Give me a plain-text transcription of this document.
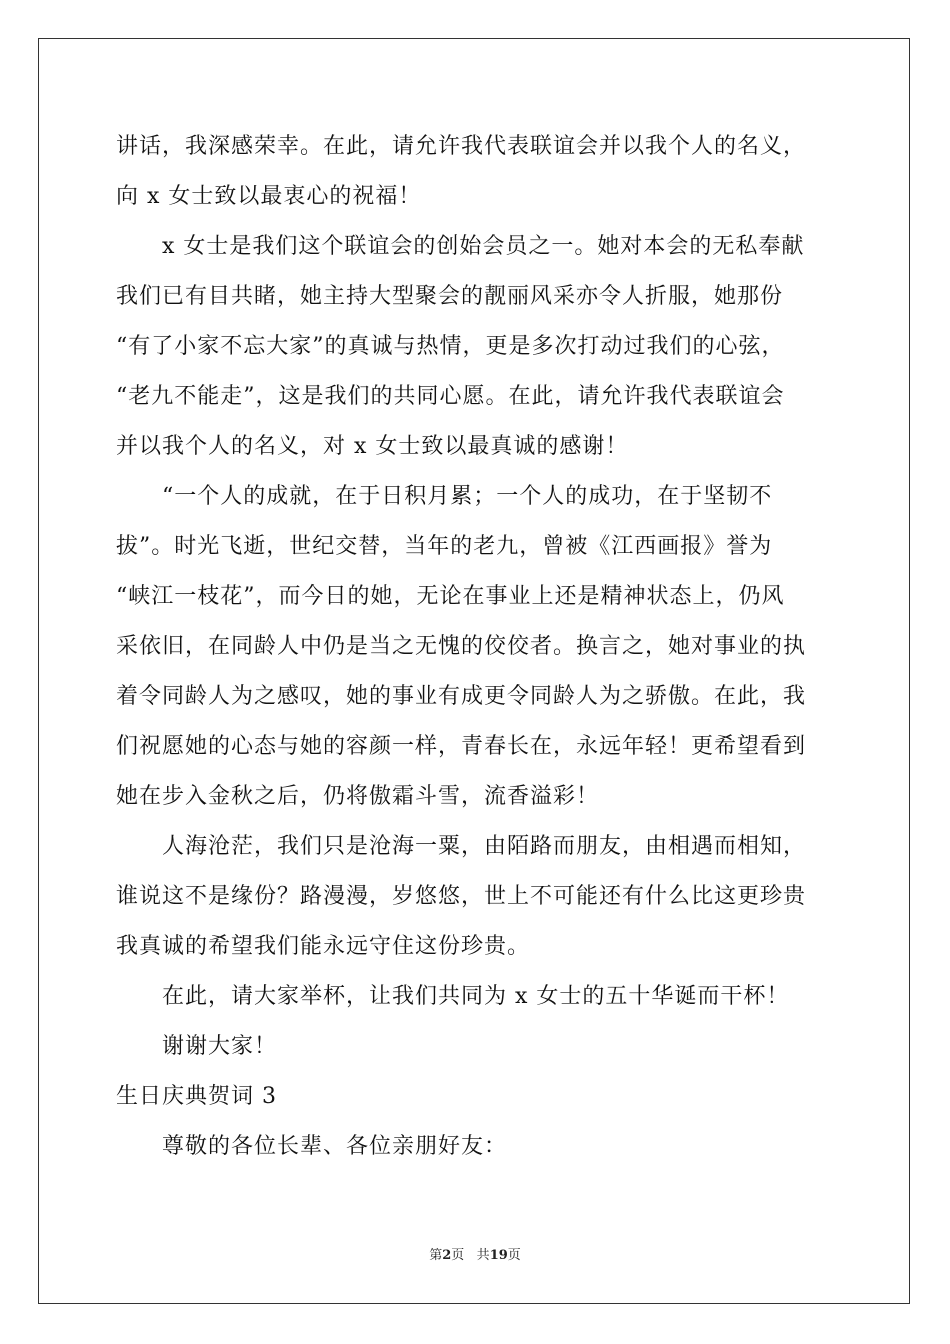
讲话，我深感荣幸。在此，请允许我代表联谊会并以我个人的名义，
向 x 女士致以最衷心的祝福！
x 女士是我们这个联谊会的创始会员之一。她对本会的无私奉献
我们已有目共睹，她主持大型聚会的靓丽风采亦令人折服，她那份
“有了小家不忘大家”的真诚与热情，更是多次打动过我们的心弦，
“老九不能走”，这是我们的共同心愿。在此，请允许我代表联谊会
并以我个人的名义，对 x 女士致以最真诚的感谢！
“一个人的成就，在于日积月累；一个人的成功，在于坚韧不
拔”。时光飞逝，世纪交替，当年的老九，曾被《江西画报》誉为
“峡江一枝花”，而今日的她，无论在事业上还是精神状态上，仍风
采依旧，在同龄人中仍是当之无愧的佼佼者。换言之，她对事业的执
着令同龄人为之感叹，她的事业有成更令同龄人为之骄傲。在此，我
们祝愿她的心态与她的容颜一样，青春长在，永远年轻！更希望看到
她在步入金秋之后，仍将傲霜斗雪，流香溢彩！
人海沧茫，我们只是沧海一粟，由陌路而朋友，由相遇而相知，
谁说这不是缘份？路漫漫，岁悠悠，世上不可能还有什么比这更珍贵
我真诚的希望我们能永远守住这份珍贵。
在此，请大家举杯，让我们共同为 x 女士的五十华诞而干杯！
谢谢大家！
生日庆典贺词 3
尊敬的各位长辈、各位亲朋好友：
第2页 共19页
